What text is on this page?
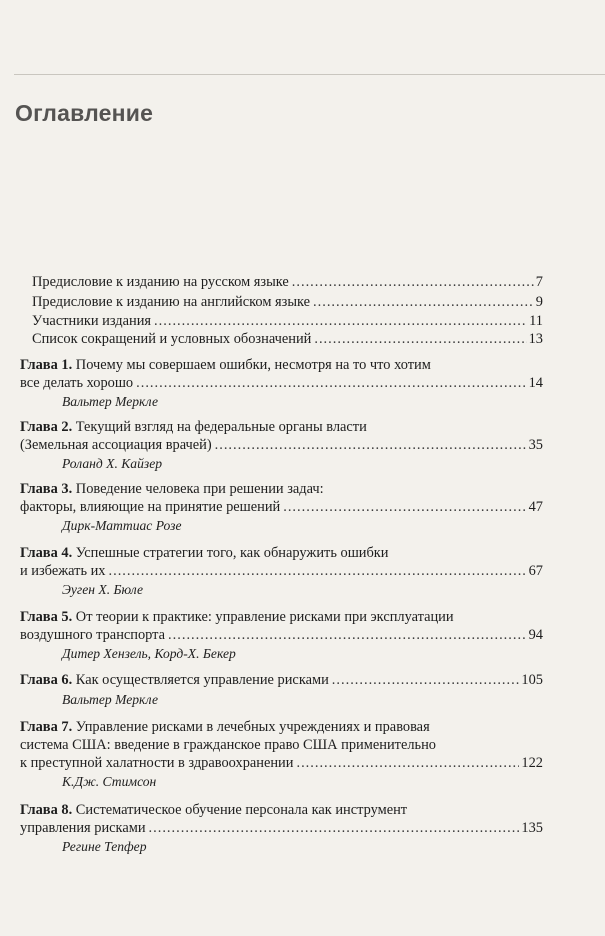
Оглавление
Предисловие к изданию на русском языке .....	7
Предисловие к изданию на английском языке .....	9
Участники издания .....	11
Список сокращений и условных обозначений .....	13
Глава 1. Почему мы совершаем ошибки, несмотря на то что хотим
все делать хорошо .....	14
Вальтер Меркле
Глава 2. Текущий взгляд на федеральные органы власти
(Земельная ассоциация врачей) .....	35
Роланд Х. Кайзер
Глава 3. Поведение человека при решении задач:
факторы, влияющие на принятие решений .....	47
Дирк-Маттиас Розе
Глава 4. Успешные стратегии того, как обнаружить ошибки
и избежать их .....	67
Эуген Х. Бюле
Глава 5. От теории к практике: управление рисками при эксплуатации
воздушного транспорта .....	94
Дитер Хензель, Корд-Х. Бекер
Глава 6. Как осуществляется управление рисками .....	105
Вальтер Меркле
Глава 7. Управление рисками в лечебных учреждениях и правовая
система США: введение в гражданское право США применительно
к преступной халатности в здравоохранении .....	122
К.Дж. Стимсон
Глава 8. Систематическое обучение персонала как инструмент
управления рисками .....	135
Регине Тепфер
